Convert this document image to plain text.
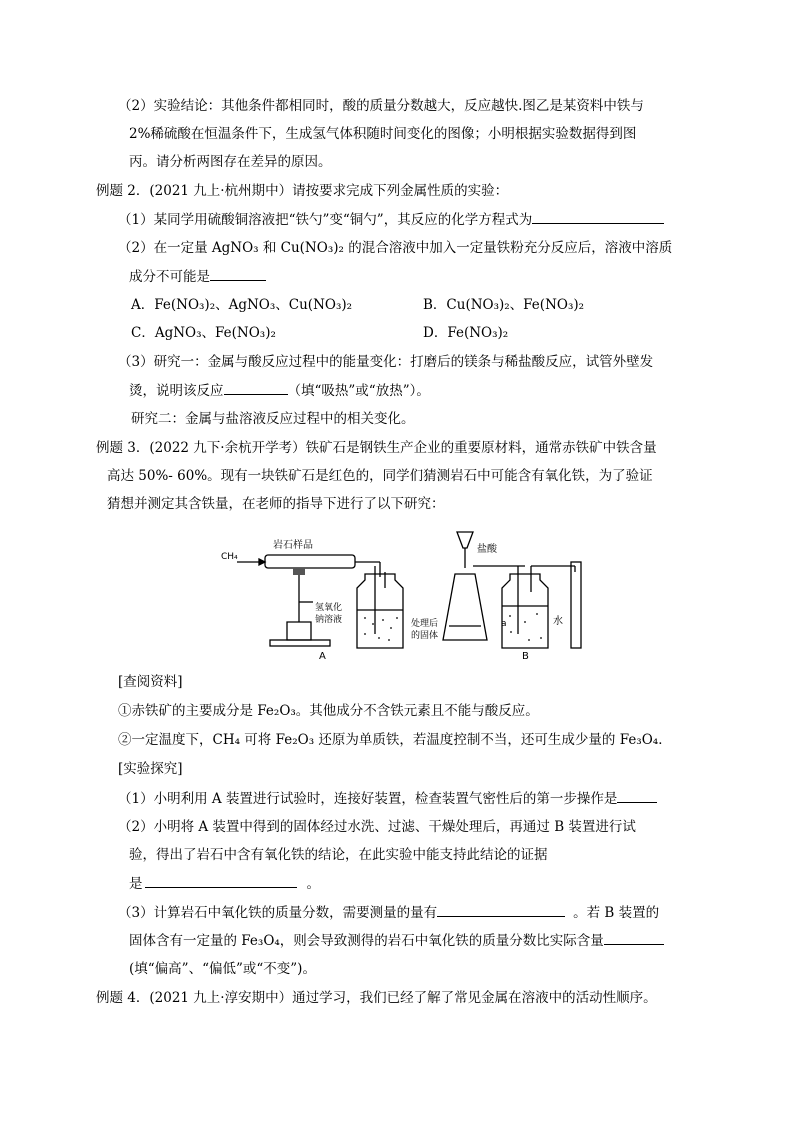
（2）实验结论：其他条件都相同时，酸的质量分数越大，反应越快.图乙是某资料中铁与
2%稀硫酸在恒温条件下，生成氢气体积随时间变化的图像；小明根据实验数据得到图
丙。请分析两图存在差异的原因。
例题 2．(2021 九上·杭州期中）请按要求完成下列金属性质的实验：
（1）某同学用硫酸铜溶液把“铁勺”变“铜勺”，其反应的化学方程式为
（2）在一定量 AgNO₃ 和 Cu(NO₃)₂ 的混合溶液中加入一定量铁粉充分反应后，溶液中溶质
成分不可能是
A．Fe(NO₃)₂、AgNO₃、Cu(NO₃)₂	B．Cu(NO₃)₂、Fe(NO₃)₂
C．AgNO₃、Fe(NO₃)₂	D．Fe(NO₃)₂
（3）研究一：金属与酸反应过程中的能量变化：打磨后的镁条与稀盐酸反应，试管外壁发
烫，说明该反应	（填“吸热”或“放热”）。
研究二：金属与盐溶液反应过程中的相关变化。
例题 3．(2022 九下·余杭开学考）铁矿石是钢铁生产企业的重要原材料，通常赤铁矿中铁含量
高达 50%- 60%。现有一块铁矿石是红色的，同学们猜测岩石中可能含有氧化铁，为了验证
猜想并测定其含铁量，在老师的指导下进行了以下研究：
CH₄
岩石样品
氢氧化
钠溶液
A
盐酸
处理后
的固体
a	水
B
[查阅资料]
①赤铁矿的主要成分是 Fe₂O₃。其他成分不含铁元素且不能与酸反应。
②一定温度下，CH₄ 可将 Fe₂O₃ 还原为单质铁，若温度控制不当，还可生成少量的 Fe₃O₄．
[实验探究]
（1）小明利用 A 装置进行试验时，连接好装置，检查装置气密性后的第一步操作是
（2）小明将 A 装置中得到的固体经过水洗、过滤、干燥处理后，再通过 B 装置进行试
验，得出了岩石中含有氧化铁的结论，在此实验中能支持此结论的证据
是	。
（3）计算岩石中氧化铁的质量分数，需要测量的量有	。若 B 装置的
固体含有一定量的 Fe₃O₄，则会导致测得的岩石中氧化铁的质量分数比实际含量
(填“偏高”、“偏低”或“不变”)。
例题 4．(2021 九上·淳安期中）通过学习，我们已经了解了常见金属在溶液中的活动性顺序。
